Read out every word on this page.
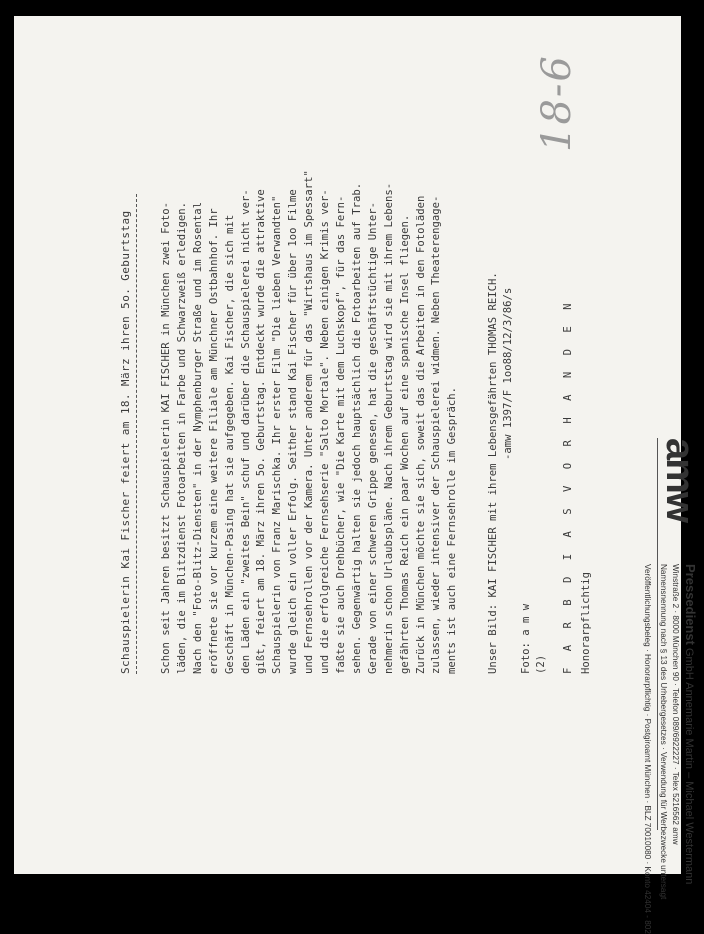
18-6
Schauspielerin Kai Fischer feiert am 18. März ihren 5o. Geburtstag	Schon seit Jahren besitzt Schauspielerin KAI FISCHER in München zwei Foto- läden, die im Blitzdienst Fotoarbeiten in Farbe und Schwarzweiß erledigen. Nach den "Foto-Blitz-Diensten" in der Nymphenburger Straße und im Rosental eröffnete sie vor kurzem eine weitere Filiale am Münchner Ostbahnhof. Ihr Geschäft in München-Pasing hat sie aufgegeben. Kai Fischer, die sich mit den Läden ein "zweites Bein" schuf und darüber die Schauspielerei nicht ver- gißt, feiert am 18. März ihren 5o. Geburtstag. Entdeckt wurde die attraktive Schauspielerin von Franz Marischka. Ihr erster Film "Die lieben Verwandten" wurde gleich ein voller Erfolg. Seither stand Kai Fischer für über 1oo Filme und Fernsehrollen vor der Kamera. Unter anderem für das "Wirtshaus im Spessart" und die erfolgreiche Fernsehserie "Salto Mortale". Neben einigen Krimis ver- faßte sie auch Drehbücher, wie "Die Karte mit dem Luchskopf", für das Fern- sehen. Gegenwärtig halten sie jedoch hauptsächlich die Fotoarbeiten auf Trab. Gerade von einer schweren Grippe genesen, hat die geschäftstüchtige Unter- nehmerin schon Urlaubspläne. Nach ihrem Geburtstag wird sie mit ihrem Lebens- gefährten Thomas Reich ein paar Wochen auf eine spanische Insel fliegen. Zurück in München möchte sie sich, soweit das die Arbeiten in den Fotoläden zulassen, wieder intensiver der Schauspielerei widmen. Neben Theaterengage- ments ist auch eine Fernsehrolle im Gespräch.	Unser Bild: KAI FISCHER mit ihrem Lebensgefährten THOMAS REICH. -amw 1397/F 1oo88/12/3/86/s
Foto: a m w (2) F A R B D I A S V O R H A N D E N Honorarpflichtig
amw
Pressedienst GmbH Annemarie Martin – Michael Westermann
Winstraße 2 · 8000 München 90 · Telefon 089/6922227 · Telex 5216562 amw
Namensnennung nach § 13 des Urhebergesetzes · Verwendung für Werbezwecke untersagt
Veröffentlichungsbeleg · Honorarpflichtig · Postgiroamt München · BLZ 70010080 · Konto 42404 - 802
